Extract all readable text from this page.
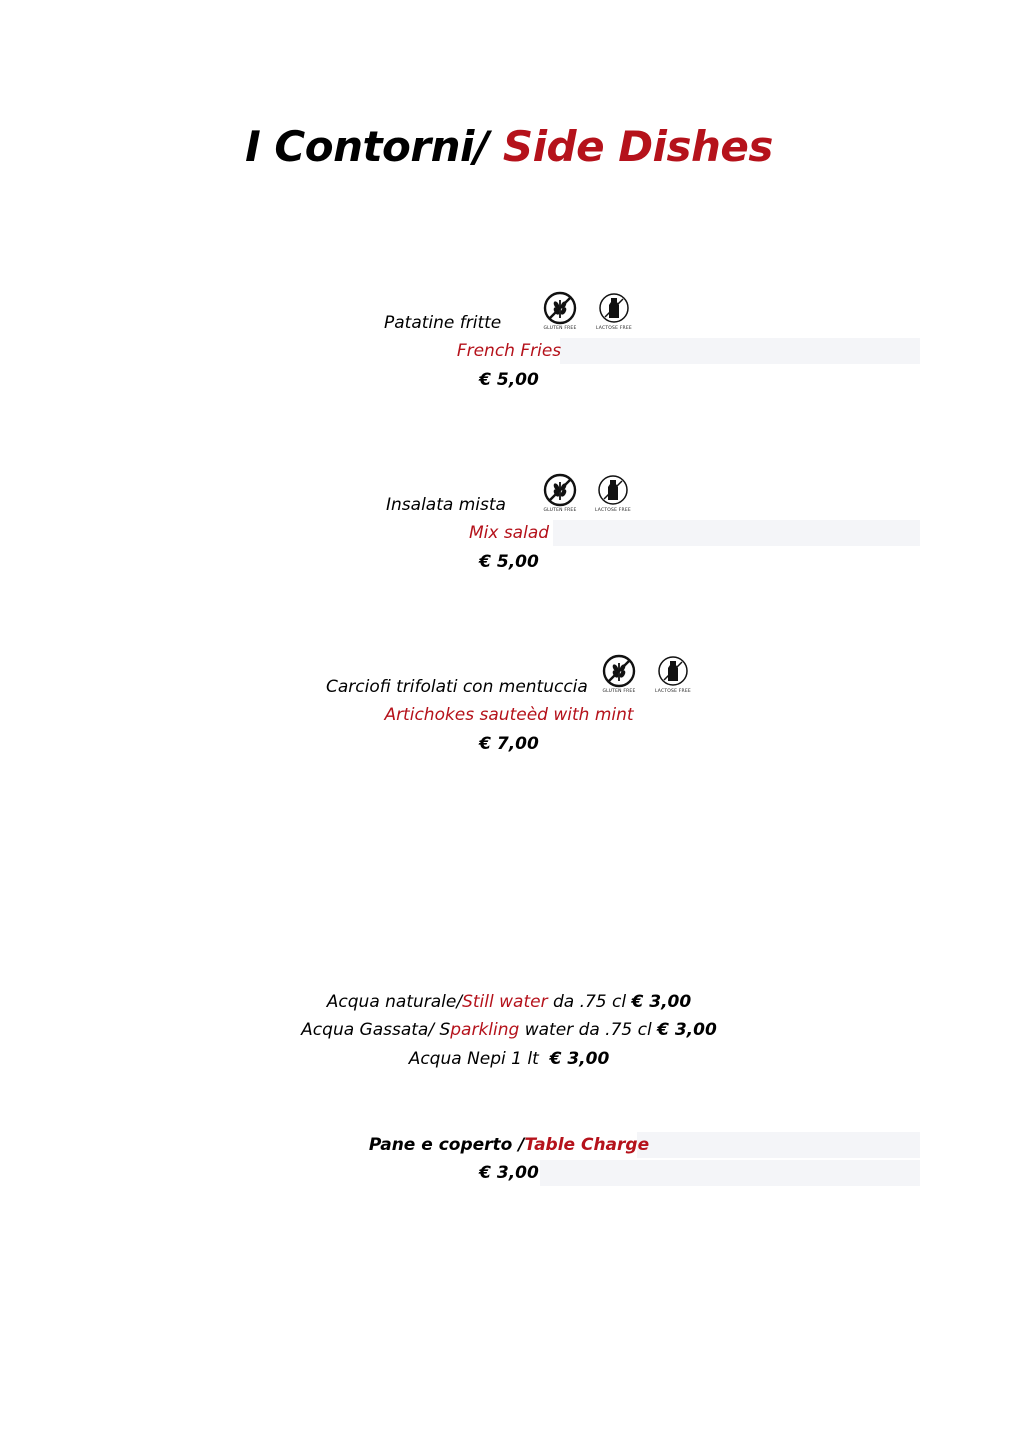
I Contorni/ Side Dishes
Patatine fritte	GLUTEN FREE	LACTOSE FREE
French Fries
€ 5,00
Insalata mista	GLUTEN FREE	LACTOSE FREE
Mix salad
€ 5,00
Carciofi trifolati con mentuccia	GLUTEN FREE	LACTOSE FREE
Artichokes sauteèd with mint
€ 7,00
Acqua naturale/Still water da .75 cl € 3,00
Acqua Gassata/ Sparkling water da .75 cl € 3,00
Acqua Nepi 1 lt  € 3,00
Pane e coperto /Table Charge
€ 3,00
